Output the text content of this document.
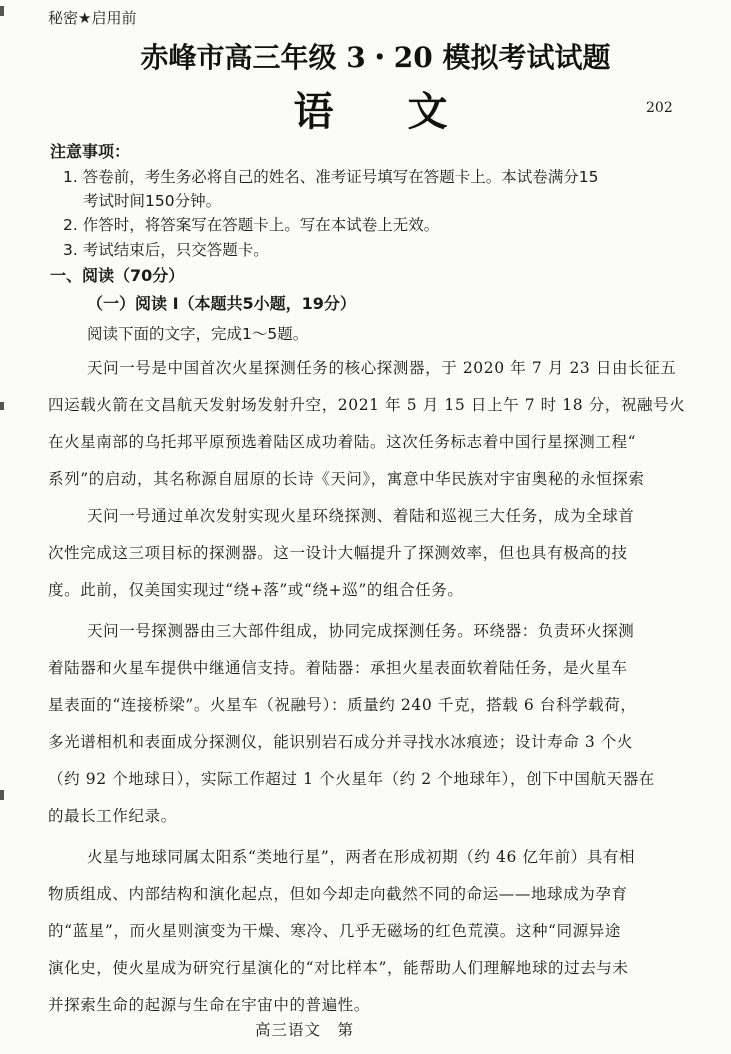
秘密★启用前
赤峰市高三年级 3・20 模拟考试试题
语 文	202
注意事项：
1. 答卷前，考生务必将自己的姓名、准考证号填写在答题卡上。本试卷满分15
考试时间150分钟。
2. 作答时，将答案写在答题卡上。写在本试卷上无效。
3. 考试结束后，只交答题卡。
一、阅读（70分）
（一）阅读 I（本题共5小题，19分）
阅读下面的文字，完成1～5题。
天问一号是中国首次火星探测任务的核心探测器，于 2020 年 7 月 23 日由长征五
四运载火箭在文昌航天发射场发射升空，2021 年 5 月 15 日上午 7 时 18 分，祝融号火
在火星南部的乌托邦平原预选着陆区成功着陆。这次任务标志着中国行星探测工程“
系列”的启动，其名称源自屈原的长诗《天问》，寓意中华民族对宇宙奥秘的永恒探索
天问一号通过单次发射实现火星环绕探测、着陆和巡视三大任务，成为全球首
次性完成这三项目标的探测器。这一设计大幅提升了探测效率，但也具有极高的技
度。此前，仅美国实现过“绕+落”或“绕+巡”的组合任务。
天问一号探测器由三大部件组成，协同完成探测任务。环绕器：负责环火探测
着陆器和火星车提供中继通信支持。着陆器：承担火星表面软着陆任务，是火星车
星表面的“连接桥梁”。火星车（祝融号）：质量约 240 千克，搭载 6 台科学载荷，
多光谱相机和表面成分探测仪，能识别岩石成分并寻找水冰痕迹；设计寿命 3 个火
（约 92 个地球日），实际工作超过 1 个火星年（约 2 个地球年），创下中国航天器在
的最长工作纪录。
火星与地球同属太阳系“类地行星”，两者在形成初期（约 46 亿年前）具有相
物质组成、内部结构和演化起点，但如今却走向截然不同的命运——地球成为孕育
的“蓝星”，而火星则演变为干燥、寒冷、几乎无磁场的红色荒漠。这种“同源异途
演化史，使火星成为研究行星演化的“对比样本”，能帮助人们理解地球的过去与未
并探索生命的起源与生命在宇宙中的普遍性。
高三语文　第
